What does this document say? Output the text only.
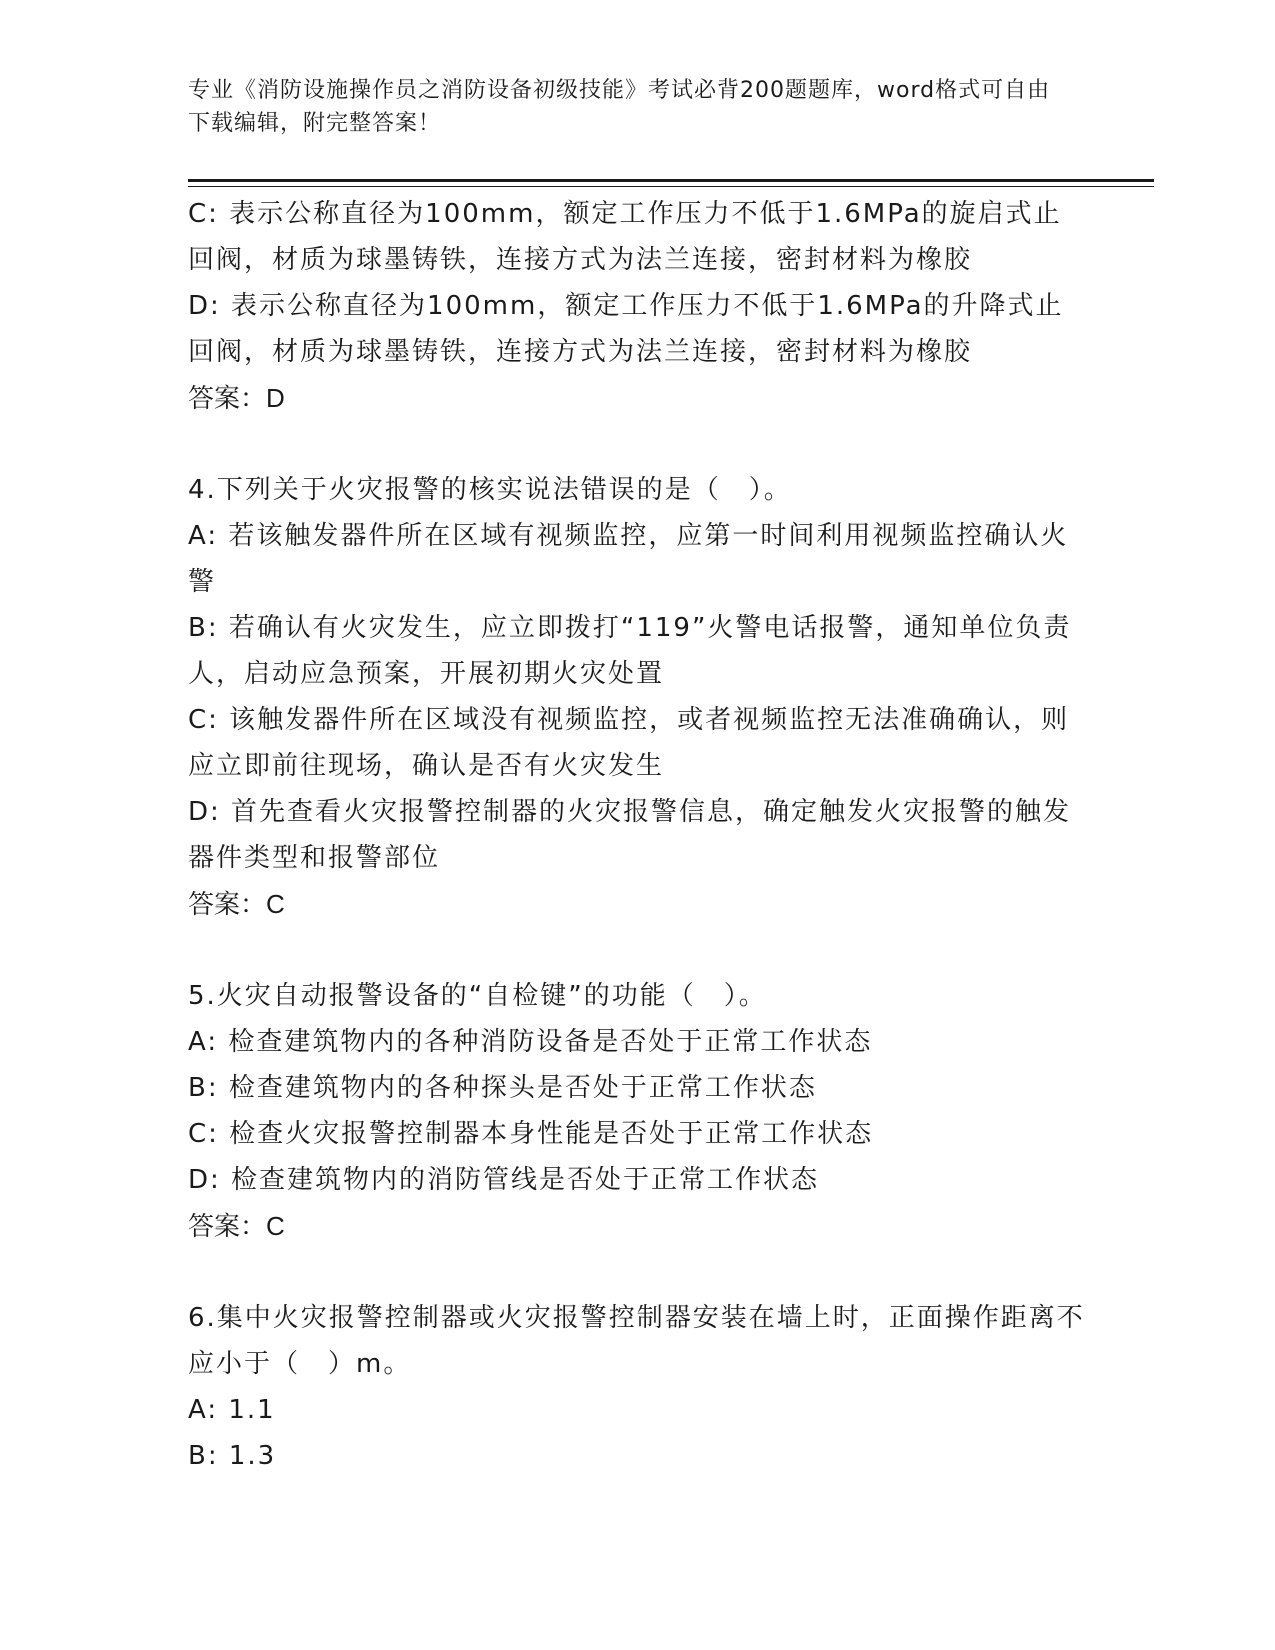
专业《消防设施操作员之消防设备初级技能》考试必背200题题库，word格式可自由下载编辑，附完整答案！

C: 表示公称直径为100mm，额定工作压力不低于1.6MPa的旋启式止回阀，材质为球墨铸铁，连接方式为法兰连接，密封材料为橡胶

D: 表示公称直径为100mm，额定工作压力不低于1.6MPa的升降式止回阀，材质为球墨铸铁，连接方式为法兰连接，密封材料为橡胶

答案：D

4.下列关于火灾报警的核实说法错误的是（　）。

A: 若该触发器件所在区域有视频监控，应第一时间利用视频监控确认火警

B: 若确认有火灾发生，应立即拨打“119”火警电话报警，通知单位负责人，启动应急预案，开展初期火灾处置

C: 该触发器件所在区域没有视频监控，或者视频监控无法准确确认，则应立即前往现场，确认是否有火灾发生

D: 首先查看火灾报警控制器的火灾报警信息，确定触发火灾报警的触发器件类型和报警部位

答案：C

5.火灾自动报警设备的“自检键”的功能（　）。

A: 检查建筑物内的各种消防设备是否处于正常工作状态

B: 检查建筑物内的各种探头是否处于正常工作状态

C: 检查火灾报警控制器本身性能是否处于正常工作状态

D: 检查建筑物内的消防管线是否处于正常工作状态

答案：C

6.集中火灾报警控制器或火灾报警控制器安装在墙上时，正面操作距离不应小于（　）m。

A: 1.1

B: 1.3
